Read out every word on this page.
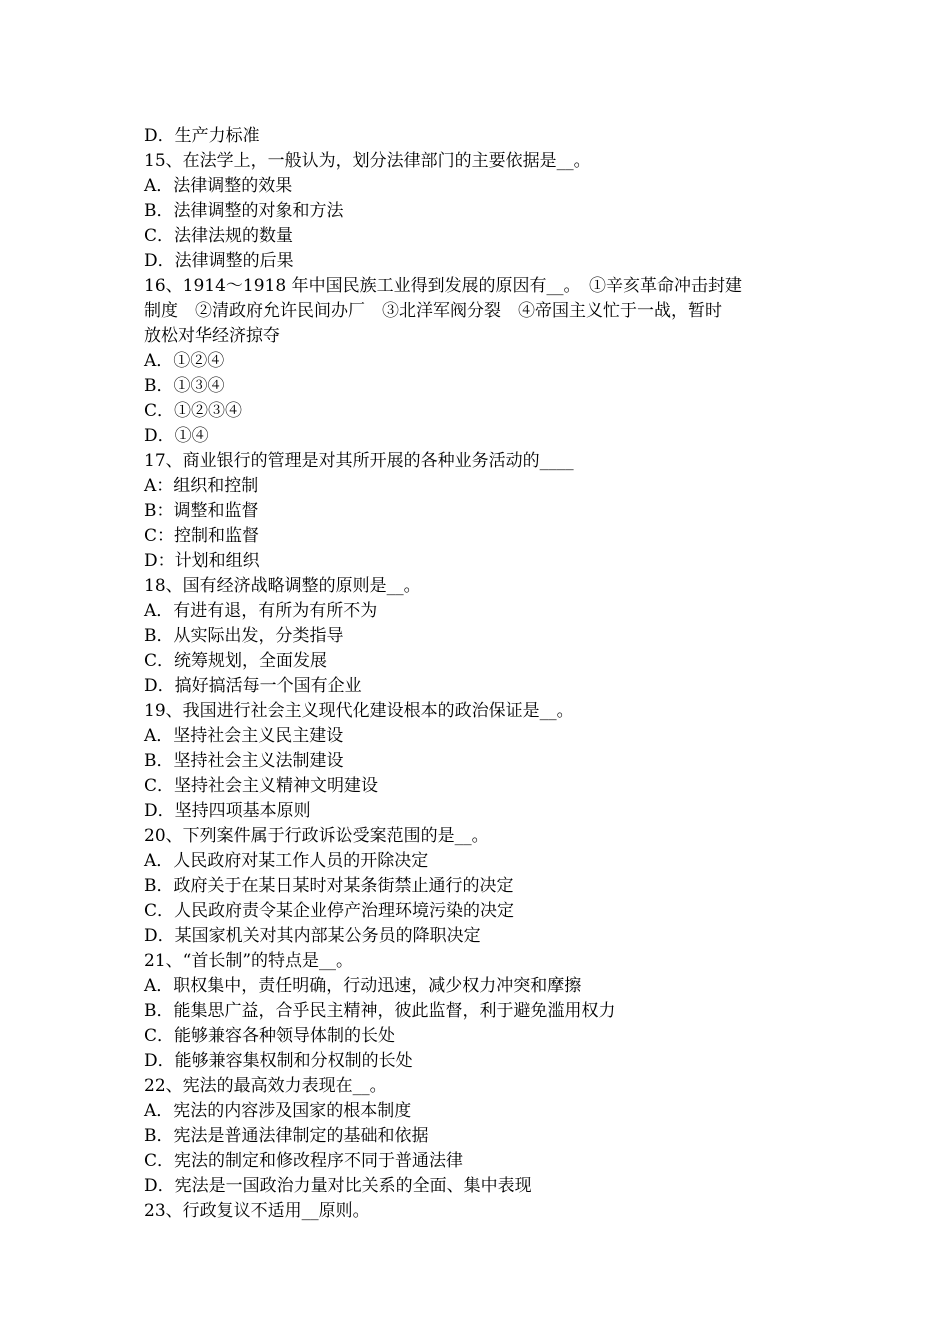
D．生产力标准
15、在法学上，一般认为，划分法律部门的主要依据是__。
A．法律调整的效果
B．法律调整的对象和方法
C．法律法规的数量
D．法律调整的后果
16、1914～1918 年中国民族工业得到发展的原因有__。　①辛亥革命冲击封建
制度　②清政府允许民间办厂　③北洋军阀分裂　④帝国主义忙于一战，暂时
放松对华经济掠夺
A．①②④
B．①③④
C．①②③④
D．①④
17、商业银行的管理是对其所开展的各种业务活动的____
A：组织和控制
B：调整和监督
C：控制和监督
D：计划和组织
18、国有经济战略调整的原则是__。
A．有进有退，有所为有所不为
B．从实际出发，分类指导
C．统筹规划，全面发展
D．搞好搞活每一个国有企业
19、我国进行社会主义现代化建设根本的政治保证是__。
A．坚持社会主义民主建设
B．坚持社会主义法制建设
C．坚持社会主义精神文明建设
D．坚持四项基本原则
20、下列案件属于行政诉讼受案范围的是__。
A．人民政府对某工作人员的开除决定
B．政府关于在某日某时对某条街禁止通行的决定
C．人民政府责令某企业停产治理环境污染的决定
D．某国家机关对其内部某公务员的降职决定
21、“首长制”的特点是__。
A．职权集中，责任明确，行动迅速，减少权力冲突和摩擦
B．能集思广益，合乎民主精神，彼此监督，利于避免滥用权力
C．能够兼容各种领导体制的长处
D．能够兼容集权制和分权制的长处
22、宪法的最高效力表现在__。
A．宪法的内容涉及国家的根本制度
B．宪法是普通法律制定的基础和依据
C．宪法的制定和修改程序不同于普通法律
D．宪法是一国政治力量对比关系的全面、集中表现
23、行政复议不适用__原则。
